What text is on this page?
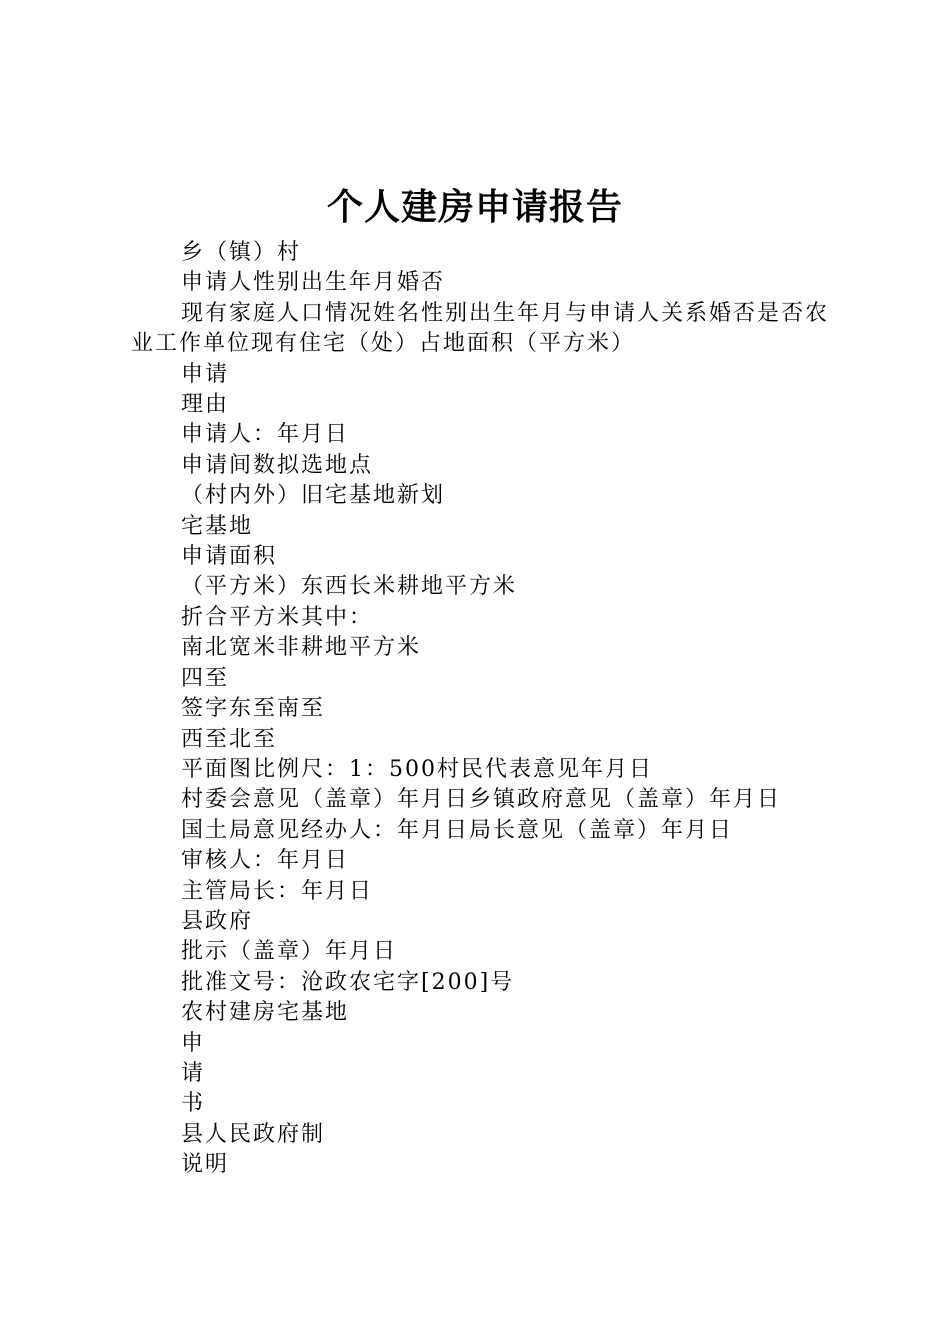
个人建房申请报告

乡（镇）村

申请人性别出生年月婚否

现有家庭人口情况姓名性别出生年月与申请人关系婚否是否农业工作单位现有住宅（处）占地面积（平方米）

申请

理由

申请人：年月日

申请间数拟选地点

（村内外）旧宅基地新划

宅基地

申请面积

（平方米）东西长米耕地平方米

折合平方米其中：

南北宽米非耕地平方米

四至

签字东至南至

西至北至

平面图比例尺：1：500村民代表意见年月日

村委会意见（盖章）年月日乡镇政府意见（盖章）年月日

国土局意见经办人：年月日局长意见（盖章）年月日

审核人：年月日

主管局长：年月日

县政府

批示（盖章）年月日

批准文号：沧政农宅字[200]号

农村建房宅基地

申

请

书

县人民政府制

说明
